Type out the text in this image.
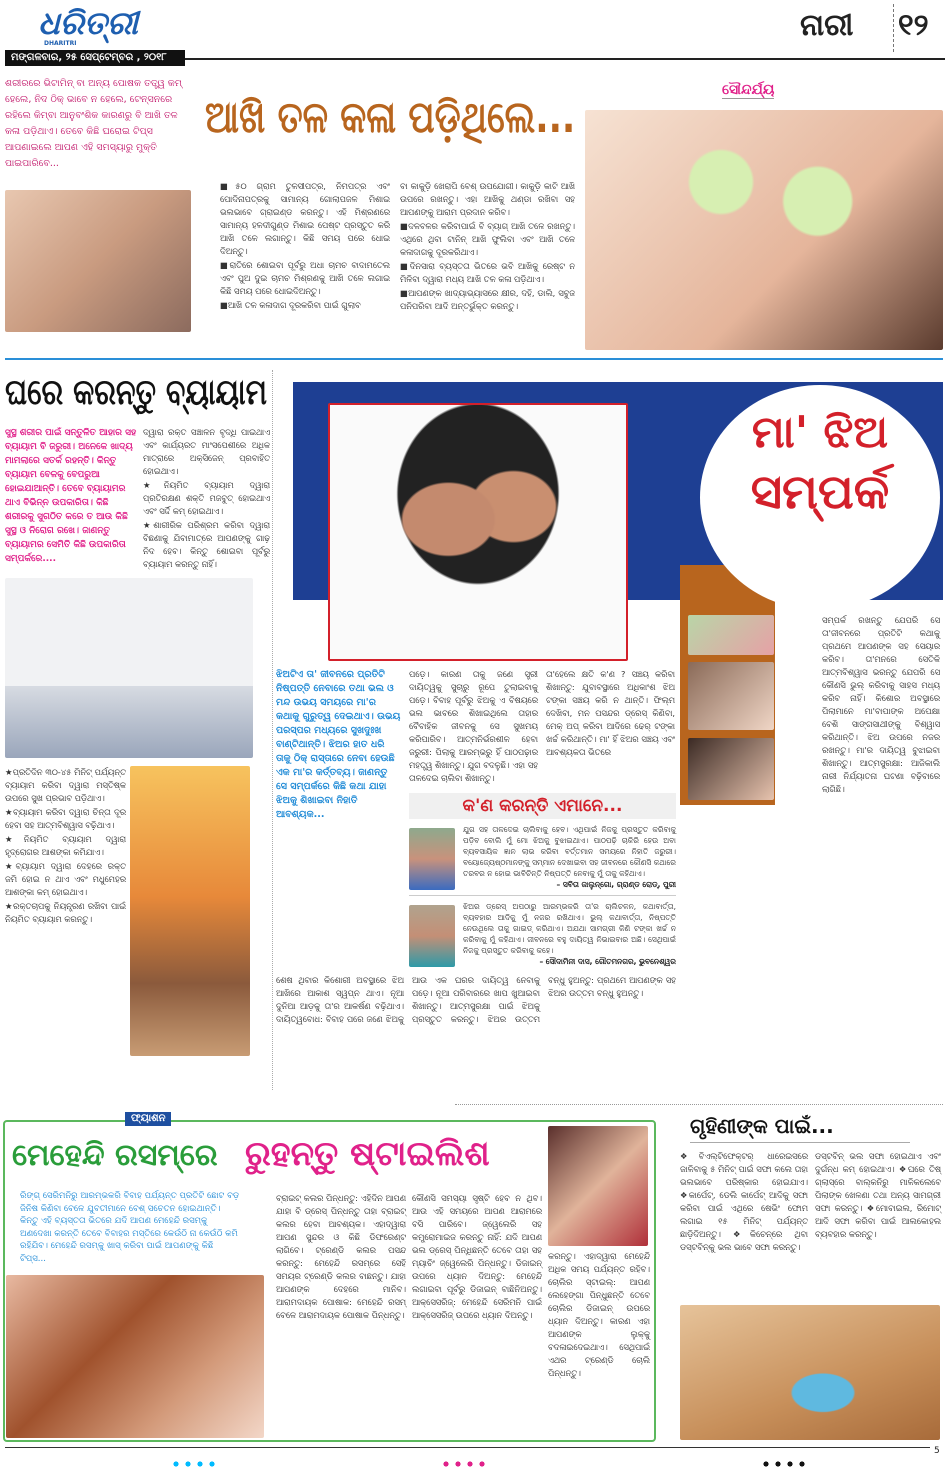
ଧରିତ୍ରୀ
DHARITRI
ମଙ୍ଗଳବାର, ୨୫ ସେପ୍ଟେମ୍ବର , ୨୦୧୮
ନାରୀ ୧୨
ଶରୀରରେ ଭିଟାମିନ୍ ବା ଅନ୍ୟ ପୋଷକ ତତ୍ତ୍ୱ କମ୍ ହେଲେ, ନିଦ ଠିକ୍ ଭାବେ ନ ହେଲେ, ଟେନ୍ସନରେ ରହିଲେ କିମ୍ବା ଆନୁବଂଶିକ କାରଣରୁ ବି ଆଖି ତଳ କଳା ପଡ଼ିଥାଏ। ତେବେ କିଛି ଘରୋଇ ଟିପ୍ସ ଆପଣାଇଲେ ଆପଣ ଏହି ସମସ୍ୟାରୁ ମୁକ୍ତି ପାଇପାରିବେ...
ଆଖି ତଳ କଳା ପଡ଼ିଥିଲେ...
ସୌନ୍ଦର୍ଯ୍ୟ

■୫୦ ଗ୍ରାମ ତୁଳସୀପତ୍ର, ନିମପତ୍ର ଏବଂ ପୋଦିନାପତ୍ରକୁ ସାମାନ୍ୟ ଗୋଲାପଜଳ ମିଶାଇ ଭଲଭାବେ ଗ୍ରାଇଣ୍ଡ କରନ୍ତୁ। ଏହି ମିଶ୍ରଣରେ ସାମାନ୍ୟ ହଳଦୀଗୁଣ୍ଡ ମିଶାଇ ପେଷ୍ଟ ପ୍ରସ୍ତୁତ କରି ଆଖି ତଳେ ଲଗାନ୍ତୁ। କିଛି ସମୟ ପରେ ଧୋଇ ଦିଅନ୍ତୁ।

■ରାତିରେ ଶୋଇବା ପୂର୍ବରୁ ଅଧା ଚାମଚ ବାଦାମତେଲ ଏବଂ ପୁଅ ଦୁଇ ଚାମଚ ମିଶ୍ରଣକୁ ଆଖି ତଳେ ଲଗାଇ କିଛି ସମୟ ପରେ ଧୋଇଦିଅନ୍ତୁ।

■ଆଖି ତଳ କଳାଦାଗ ଦୂରକରିବା ପାଇଁ ଗୁଲାବ

ବା କାକୁଡ଼ି ଖେରାପି ବେଶ୍ ଉପଯୋଗୀ। କାକୁଡ଼ି କାଟି ଆଖି ଉପରେ ରଖନ୍ତୁ। ଏହା ଆଖିକୁ ଥଣ୍ଡା ରଖିବା ସହ ଆପଣଙ୍କୁ ଆରାମ ପ୍ରଦାନ କରିବ।

■ଦଳବଳର କରିବାପାଇଁ ବି ବ୍ୟାଗ୍ ଆଖି ତଳେ ରଖନ୍ତୁ। ଏଥିରେ ଥିବା ଟାନିନ୍ ଆଖି ଫୁଲିବା ଏବଂ ଆଖି ତଳେ କଳାଦାଗକୁ ଦୂରକରିଥାଏ।

■ଦିନସାରା ବ୍ୟସ୍ତତା ଭିତରେ ଭବି ଆଖିକୁ ରେଷ୍ଟ ନ ମିଳିବା ଦ୍ୱାରା ମଧ୍ୟ ଆଖି ତଳ କଳା ପଡ଼ିଥାଏ।

■ଆପଣଙ୍କ ଖାଦ୍ୟାଭ୍ୟାସରେ କ୍ଷୀର, ଦହି, ଡାଲି, ସବୁଜ ପନିପରିବା ଆଦି ଅନ୍ତର୍ଭୁକ୍ତ କରନ୍ତୁ।

ଘରେ କରନ୍ତୁ ବ୍ୟାୟାମ
ସୁସ୍ଥ ଶରୀର ପାଇଁ ସନ୍ତୁଳିତ ଆହାର ସହ ବ୍ୟାୟାମ ବି ଜରୁରୀ। ଅନେକେ ଖାଦ୍ୟ ମାମଲାରେ ସତର୍କ ରହନ୍ତି। କିନ୍ତୁ ବ୍ୟାୟାମ ବେଳକୁ ବେପରୁଆ ହୋଇଯାଆନ୍ତି। ତେବେ ବ୍ୟାୟାମର ଥାଏ ବିଭିନ୍ନ ଉପକାରିତା। କିଛି ଶରୀରକୁ ସୁଗଠିତ କରେ ତ ଆଉ କିଛି ସୁସ୍ଥ ଓ ନିରୋଗ ରଖେ। ଜାଣନ୍ତୁ ବ୍ୟାୟାମର ସେମିତି କିଛି ଉପକାରିତା ସମ୍ପର୍କରେ....

ଦ୍ୱାରା ରକ୍ତ ସଞ୍ଚାଳନ ବୃଦ୍ଧି ପାଇଥାଏ ଏବଂ କାର୍ଯ୍ୟରତ ମାଂସପେଶୀରେ ଅଧିକ ମାତ୍ରାରେ ଅକ୍ସିଜେନ୍ ପ୍ରବାହିତ ହୋଇଥାଏ।

★ନିୟମିତ ବ୍ୟାୟାମ ଦ୍ୱାରା ପ୍ରତିରକ୍ଷଣ ଶକ୍ତି ମଜବୁତ୍ ହୋଇଥାଏ ଏବଂ ସର୍ଦ୍ଦି କମ୍ ହୋଇଥାଏ।

★ଶାରୀରିକ ପରିଶ୍ରମ କରିବା ଦ୍ୱାରା ବିଛଣାକୁ ଯିବାମାତ୍ରେ ଆପଣଙ୍କୁ ଗାଢ଼ ନିଦ ହେବ। କିନ୍ତୁ ଶୋଇବା ପୂର୍ବରୁ ବ୍ୟାୟାମ କରନ୍ତୁ ନାହିଁ।

★ପ୍ରତିଦିନ ୩୦-୪୫ ମିନିଟ୍ ପର୍ଯ୍ୟନ୍ତ ବ୍ୟାୟାମ କରିବା ଦ୍ୱାରା ମସ୍ତିଷ୍କ ଉପରେ ସୁଖ ପ୍ରଭାବ ପଡ଼ିଥାଏ।

★ବ୍ୟାୟାମ କରିବା ଦ୍ୱାରା ଚିନ୍ତା ଦୂର ହେବା ସହ ଆତ୍ମବିଶ୍ୱାସ ବଢ଼ିଥାଏ।

★ନିୟମିତ ବ୍ୟାୟାମ ଦ୍ୱାରା ହୃଦ୍‌ରୋଗର ଆଶଙ୍କା କମିଯାଏ।

★ବ୍ୟାୟାମ ଦ୍ୱାରା ଦେହରେ ରକ୍ତ ଜମି ହୋଇ ନ ଥାଏ ଏବଂ ମଧୁମେହର ଆଶଙ୍କା କମ୍ ହୋଇଥାଏ।

★ରକ୍ତଚାପକୁ ନିୟନ୍ତ୍ରଣ ରଖିବା ପାଇଁ ନିୟମିତ ବ୍ୟାୟାମ କରନ୍ତୁ।

ମା' ଝିଅ
ସମ୍ପର୍କ
ସମ୍ପର୍କ ରଖନ୍ତୁ ଯେପରି ସେ ତା'ଜୀବନରେ ପ୍ରତିଟି କଥାକୁ ପ୍ରଥମେ ଆପଣଙ୍କ ସହ ସେୟାର କରିବ। ତା'ମନରେ ସେତିକି ଆତ୍ମବିଶ୍ୱାସ ଭରନ୍ତୁ ଯେପରି ସେ କୌଣସି ଭୁଲ୍ କରିବାକୁ ସାହସ ମଧ୍ୟ କରିବ ନାହିଁ। କିଶୋର ଅବସ୍ଥାରେ ପିଲାମାନେ ମା'ବାପାଙ୍କ ଅପେକ୍ଷା ବେଶି ସାଙ୍ଗସାଥୀଙ୍କୁ ବିଶ୍ୱାସ କରିଥାନ୍ତି। ଝିଅ ଉପରେ ନଜର ରଖନ୍ତୁ। ମା'ର ଦାୟିତ୍ୱ ବୁଝାଇବା ଶିଖାନ୍ତୁ। ଆତ୍ମସୁରକ୍ଷା: ଆଜିକାଲି ନାରୀ ନିର୍ଯ୍ୟାତନା ଘଟଣା ବଢ଼ିବାରେ ଲାଗିଛି।
ଝିଅଟିଏ ତା' ଜୀବନରେ ପ୍ରତିଟି ନିଷ୍ପତ୍ତି ନେବାରେ ତଥା ଭଲ ଓ ମନ୍ଦ ଉଭୟ ସମୟରେ ମା'ର କଥାକୁ ଗୁରୁତ୍ୱ ଦେଇଥାଏ। ଉଭୟ ପରସ୍ପର ମଧ୍ୟରେ ସୁଖଦୁଃଖ ବାଣ୍ଟିଥାନ୍ତି। ଝିଅର ହାତ ଧରି ତାକୁ ଠିକ୍ ରାସ୍ତାରେ ନେବା ହେଉଛି ଏକ ମା'ର କର୍ତ୍ତବ୍ୟ। ଜାଣନ୍ତୁ ସେ ସମ୍ପର୍କରେ କିଛି କଥା ଯାହା ଝିଅକୁ ଶିଖାଇବା ନିହାତି ଆବଶ୍ୟକ...
ପଡ଼େ। କାରଣ ତାକୁ ଜଣେ ସ୍ତ୍ରୀ ଦାୟିତ୍ୱକୁ ସୁଚାରୁ ରୂପେ ତୁଲାଇବାକୁ ପଡ଼େ। ବିବାହ ପୂର୍ବରୁ ଝିଅକୁ ଏ ବିଷୟରେ ଭଲ ଭାବରେ ଶିଖାଇଥିଲେ ତାହାର ବୈବାହିକ ଜୀବନକୁ ସେ ସୁଖମୟ କରିପାରିବ। ଆତ୍ମନିର୍ଭରଶୀଳ ହେବା ଜରୁରୀ: ପିଲାକୁ ଆରମ୍ଭରୁ ହିଁ ପାଠପଢ଼ାର ମହତ୍ତ୍ୱ ଶିଖାନ୍ତୁ। ଯୁଗ ବଦଳୁଛି। ଏହା ସହ ତାଳଦେଇ ଚାଲିବା ଶିଖାନ୍ତୁ।
ତା'ହେଲେ କ୍ଷତି କ'ଣ ? ସଞ୍ଚୟ କରିବା ଶିଖାନ୍ତୁ: ଯୁବାବସ୍ଥାରେ ଅଧିକାଂଶ ଝିଅ ଟଙ୍କା ସଞ୍ଚୟ କରି ନ ଥାନ୍ତି। ଫିଲ୍ମ ଦେଖିବା, ମନ ପସନ୍ଦର ଡ୍ରେସ୍ କିଣିବା, ମେକ୍ ଅପ୍ କରିବା ଆଦିରେ ଢେର୍ ଟଙ୍କା ଖର୍ଚ୍ଚ କରିଥାନ୍ତି। ମା' ହିଁ ଝିଅର ସଞ୍ଚୟ ଏବଂ ଆବଶ୍ୟକତା ଭିତରେ
କ'ଣ କରନ୍ତି ଏମାନେ...
ଯୁଗ ସହ ତାଳଦେଇ ଚାଲିବାକୁ ହେବ। ଏଥିପାଇଁ ନିଜକୁ ପ୍ରସ୍ତୁତ କରିବାକୁ ପଡ଼ିବ ବୋଲି ମୁଁ ମୋ ଝିଅକୁ ବୁଝାଇଥାଏ। ପାଠପଢ଼ି ଚାକିରି ହେଉ ଅବା ବ୍ୟବସାୟିକ ଜ୍ଞାନ ଲାଭ କରିବା ବର୍ତ୍ତମାନ ସମୟରେ ନିହାତି ଜରୁରୀ। ବୟୋଜ୍ୟେଷ୍ଠମାନଙ୍କୁ ସମ୍ମାନ ଦେଖାଇବା ସହ ଜୀବନରେ କୌଣସି କଥାରେ ତରବର ନ ହୋଇ ଭାବିଚିନ୍ତି ନିଷ୍ପତ୍ତି ନେବାକୁ ମୁଁ ତାକୁ କହିଥାଏ।
– ସବିତା ଜାଲୁନ୍‌ଗୋ, ଗ୍ରାଣ୍ଡ ରୋଡ୍, ପୁରୀ
ଝିଅର ଡ୍ରେସ୍ ଅପଠାରୁ ଆରମ୍ଭକରି ତା'ର ଚାଲିଚଳନ, କଥାବାର୍ତ୍ତା, ବ୍ୟବହାର ଆଦିକୁ ମୁଁ ନଜର ରଖିଥାଏ। ଭୁଲ୍ କଥାବାର୍ତ୍ତା, ନିଷ୍ପତ୍ତି ନେଉଥିଲେ ତାକୁ ଗାଇଡ୍ କରିଥାଏ। ଅଯଥା ସାମଗ୍ରୀ କିଣି ଟଙ୍କା ଖର୍ଚ୍ଚ ନ କରିବାକୁ ମୁଁ କହିଥାଏ। ଜୀବନରେ ବହୁ ଦାୟିତ୍ୱ ନିଭାଇବାର ଅଛି। ସେଥିପାଇଁ ନିଜକୁ ପ୍ରସ୍ତୁତ କରିବାକୁ କହେ।
– ସୌଦାମିନୀ ଦାସ, ଗୌତମନଗର, ଭୁବନେଶ୍ୱର
ଶେଷ ଥିବାର କିଶୋରୀ ଅବସ୍ଥାରେ ଝିଅ ଆଖିରେ ଆକାଶ ସ୍ୱପ୍ନ ଥାଏ। ନୂଆ ଦୁନିଆ ଆଡ଼କୁ ତା'ର ଆକର୍ଷଣ ବଢ଼ିଥାଏ। ଦାୟିତ୍ୱବୋଧ: ବିବାହ ପରେ ଜଣେ ଝିଅକୁ ଆଉ ଏକ ଘରର ଦାୟିତ୍ୱ ନେବାକୁ ପଡ଼େ। ନୂଆ ପରିବାରରେ ଖାପ ଖୁଆଇବା ଶିଖାନ୍ତୁ। ଆତ୍ମସୁରକ୍ଷା ପାଇଁ ଝିଅକୁ ପ୍ରସ୍ତୁତ କରନ୍ତୁ। ଝିଅର ଉତ୍ତମ ବନ୍ଧୁ ହୁଅନ୍ତୁ: ପ୍ରଥମେ ଆପଣଙ୍କ ସହ ଝିଅର ଉତ୍ତମ ବନ୍ଧୁ ହୁଅନ୍ତୁ।
ଫ୍ୟାଶନ
ମେହେନ୍ଦି ରସମ୍‌ରେ ରୁହନ୍ତୁ ଷ୍ଟାଇଲିଶ
ରିଙ୍ଗ୍ ସେରିମନିରୁ ଆରମ୍ଭକରି ବିବାହ ପର୍ଯ୍ୟନ୍ତ ପ୍ରତିଟି ଛୋଟ ବଡ଼ ଜିନିଷ କିଣିବା ବେଳେ ଯୁବତୀମାନେ ବେଶ୍ ସଚେତନ ହୋଇଥାନ୍ତି। କିନ୍ତୁ ଏହି ବ୍ୟସ୍ତତା ଭିତରେ ଯଦି ଆପଣ ମେହେନ୍ଦି ରସମ୍‌କୁ ଅଣଦେଖା କରନ୍ତି ତେବେ ବିବାହର ମସ୍ତିରେ କେଉଁଠି ନା କେଉଁଠି କମି ରହିଯିବ। ମେହେନ୍ଦି ରସମ୍‌କୁ ଖାସ୍ କରିବା ପାଇଁ ଆପଣଙ୍କୁ କିଛି ଟିପ୍ସ...
ବ୍ରାଇଟ୍ କଲର ପିନ୍ଧନ୍ତୁ: ଏହିଦିନ ଆପଣ ଯାହା ବି ଡ୍ରେସ୍ ପିନ୍ଧନ୍ତୁ ତାହା ବ୍ରାଇଟ୍ କଲର ହେବା ଆବଶ୍ୟକ। ଏହାଦ୍ୱାରା ଆପଣ ସୁନ୍ଦର ଓ କିଛି ଡିଫରେଣ୍ଟ ଲାଗିବେ। ଟ୍ରେଣ୍ଡି କଲର ପସନ୍ଦ କରନ୍ତୁ: ମେହେନ୍ଦି ରସମ୍‌ରେ ସେହି ସମୟର ଟ୍ରେଣ୍ଡି କଲର ବାଛନ୍ତୁ। ଯାହା ଆପଣଙ୍କ ଦେହରେ ମାନିବ। ଆରାମଦାୟକ ପୋଷାକ: ମେହେନ୍ଦି ରସମ୍ ବେଳେ ଆରାମଦାୟକ ପୋଷାକ ପିନ୍ଧନ୍ତୁ।
କୌଣସି ସମସ୍ୟା ସୃଷ୍ଟି ହେବ ନ ଥିବ। ଆଉ ଏହି ସମୟରେ ଆପଣ ଆରାମରେ ବସି ପାରିବେ। ଜ୍ୱେଲେରି ସହ କମ୍ପ୍ରୋମାଇଜ କରନ୍ତୁ ନାହିଁ: ଯଦି ଆପଣ ଭଲ ଡ୍ରେସ୍ ପିନ୍ଧିଛନ୍ତି ତେବେ ତାହା ସହ ମ୍ୟାଚିଂ ଜ୍ୱେଲେରି ପିନ୍ଧନ୍ତୁ। ଡିଜାଇନ୍ ଉପରେ ଧ୍ୟାନ ଦିଅନ୍ତୁ: ମେହେନ୍ଦି ଲଗାଇବା ପୂର୍ବରୁ ଡିଜାଇନ୍ ବାଛିନିଅନ୍ତୁ। ଆକ୍ସେସରିଜ୍: ମେହେନ୍ଦି ସେରିମନି ପାଇଁ ଆକ୍ସେସରିଜ୍ ଉପରେ ଧ୍ୟାନ ଦିଅନ୍ତୁ।
କରନ୍ତୁ। ଏହାଦ୍ୱାରା ମେହେନ୍ଦି ଅଧିକ ସମୟ ପର୍ଯ୍ୟନ୍ତ ରହିବ। ଚୋଲିର ସ୍ଟାଇଲ୍: ଆପଣ ଲେହେଙ୍ଗା ପିନ୍ଧୁଛନ୍ତି ତେବେ ଚୋଲିର ଡିଜାଇନ୍ ଉପରେ ଧ୍ୟାନ ଦିଅନ୍ତୁ। କାରଣ ଏହା ଆପଣଙ୍କ ଲୁକ୍‌କୁ ବଦଳାଇଦେଇଥାଏ। ସେଥିପାଇଁ ଏଥର ଟ୍ରେଣ୍ଡି ଚୋଲି ପିନ୍ଧନ୍ତୁ।
ଗୃହିଣୀଙ୍କ ପାଇଁ...
❖ବିଏଲ୍‌ଟିଫେକ୍ଟର୍ ଧାରେଇସରେ ଜାଳିବାକୁ ୫ ମିନିଟ୍ ପାଇଁ ସଫା କଲେ ତାହା ଭଲଭାବେ ପରିଷ୍କାର ହୋଇଯାଏ। ❖କାର୍ପେଟ୍, ଡେଲି କାର୍ପେଟ୍ ଆଦିକୁ ସଫା କରିବା ପାଇଁ ଏଥିରେ ଷେଭିଂ ଫୋମ ଲଗାଇ ୧୫ ମିନିଟ୍ ପର୍ଯ୍ୟନ୍ତ ଛାଡ଼ିଦିଅନ୍ତୁ। ❖କିଚେନ୍‌ରେ ଥିବା ଡସ୍ଟବିନ୍‌କୁ ଭଲ ଭାବେ ସଫା କରନ୍ତୁ।
ଡସ୍ଟବିନ୍ ଭଲ ସଫା ହୋଇଥାଏ ଏବଂ ଦୁର୍ଗନ୍ଧ କମ୍ ହୋଇଥାଏ। ❖ଘରେ ତିଷ୍ ଗ୍ଲାସ୍‌ରେ ବାଲ୍‌କନିରୁ ମାଳିକଲେବେ ପିଲାଙ୍କ ଖେଳଣା ତଥା ଅନ୍ୟ ସାମଗ୍ରୀ ସଫା କରନ୍ତୁ। ❖ମୋବାଇଲ, ରିମୋଟ୍ ଆଦି ସଫା କରିବା ପାଇଁ ଆଲକୋହଲ ବ୍ୟବହାର କରନ୍ତୁ।
5
